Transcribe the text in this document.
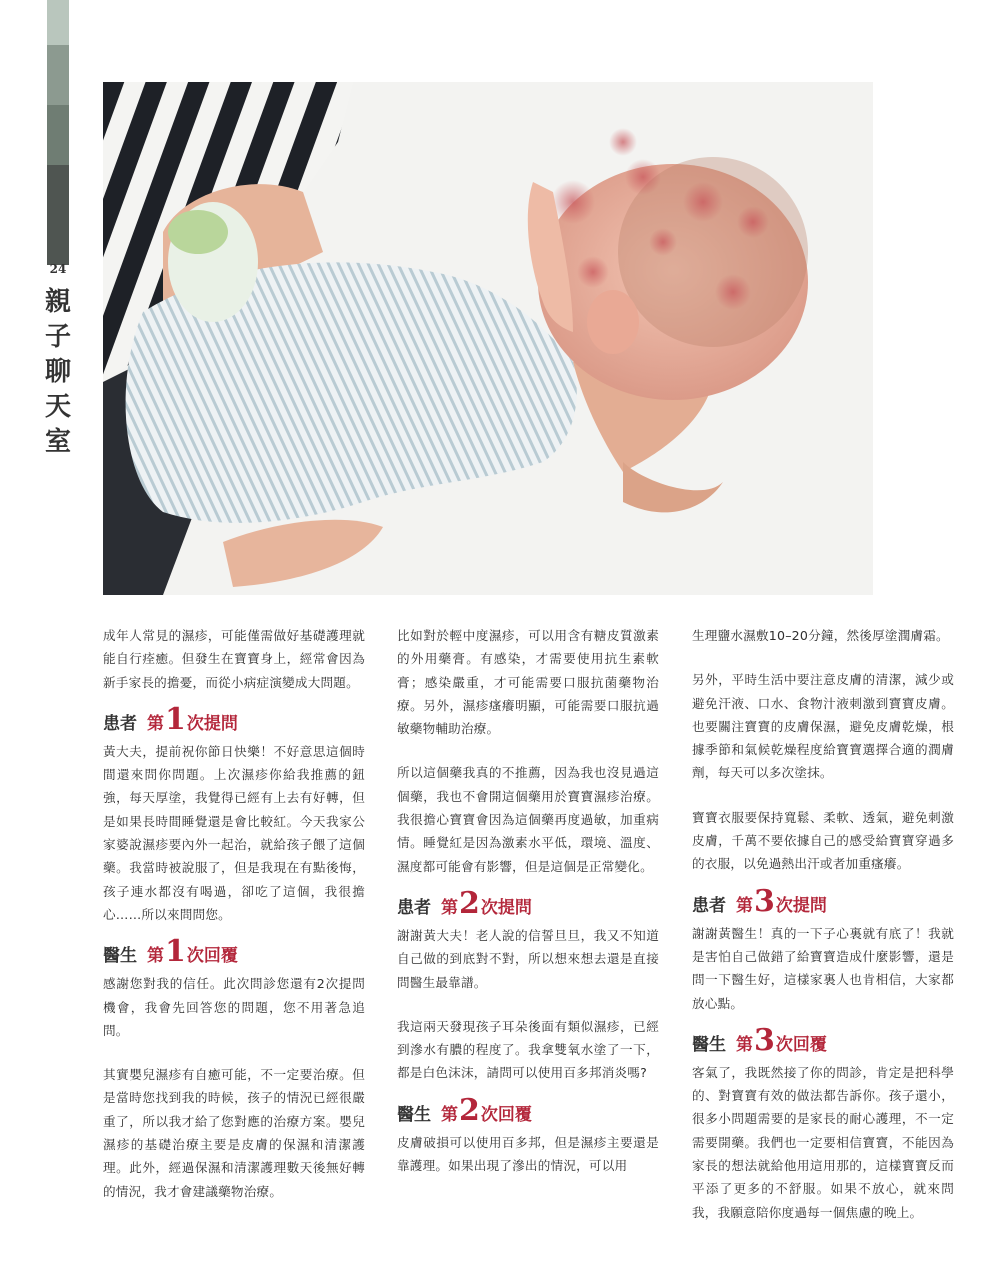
24
親
子
聊
天
室

成年人常見的濕疹，可能僅需做好基礎護理就能自行痊癒。但發生在寶寶身上，經常會因為新手家長的擔憂，而從小病症演變成大問題。

患者 第 1 次提問

黃大夫，提前祝你節日快樂！不好意思這個時間還來問你問題。上次濕疹你給我推薦的鈕強，每天厚塗，我覺得已經有上去有好轉，但是如果長時間睡覺還是會比較紅。今天我家公家婆說濕疹要內外一起治，就給孩子餵了這個藥。我當時被說服了，但是我現在有點後悔，孩子連水都沒有喝過，卻吃了這個，我很擔心……所以來問問您。

醫生 第 1 次回覆

感謝您對我的信任。此次問診您還有2次提問機會，我會先回答您的問題，您不用著急追問。

其實嬰兒濕疹有自癒可能，不一定要治療。但是當時您找到我的時候，孩子的情況已經很嚴重了，所以我才給了您對應的治療方案。嬰兒濕疹的基礎治療主要是皮膚的保濕和清潔護理。此外，經過保濕和清潔護理數天後無好轉的情況，我才會建議藥物治療。

比如對於輕中度濕疹，可以用含有糖皮質激素的外用藥膏。有感染，才需要使用抗生素軟膏；感染嚴重，才可能需要口服抗菌藥物治療。另外，濕疹瘙癢明顯，可能需要口服抗過敏藥物輔助治療。

所以這個藥我真的不推薦，因為我也沒見過這個藥，我也不會開這個藥用於寶寶濕疹治療。我很擔心寶寶會因為這個藥再度過敏，加重病情。睡覺紅是因為激素水平低，環境、溫度、濕度都可能會有影響，但是這個是正常變化。

患者 第 2 次提問

謝謝黃大夫！老人說的信誓旦旦，我又不知道自己做的到底對不對，所以想來想去還是直接問醫生最靠譜。

我這兩天發現孩子耳朵後面有類似濕疹，已經到滲水有膿的程度了。我拿雙氧水塗了一下，都是白色沫沫，請問可以使用百多邦消炎嗎?

醫生 第 2 次回覆

皮膚破損可以使用百多邦，但是濕疹主要還是靠護理。如果出現了滲出的情況，可以用

生理鹽水濕敷10–20分鐘，然後厚塗潤膚霜。

另外，平時生活中要注意皮膚的清潔，減少或避免汗液、口水、食物汁液刺激到寶寶皮膚。也要關注寶寶的皮膚保濕，避免皮膚乾燥，根據季節和氣候乾燥程度給寶寶選擇合適的潤膚劑，每天可以多次塗抹。

寶寶衣服要保持寬鬆、柔軟、透氣，避免刺激皮膚，千萬不要依據自己的感受給寶寶穿過多的衣服，以免過熱出汗或者加重瘙癢。

患者 第 3 次提問

謝謝黃醫生！真的一下子心裏就有底了！我就是害怕自己做錯了給寶寶造成什麼影響，還是問一下醫生好，這樣家裏人也肯相信，大家都放心點。

醫生 第 3 次回覆

客氣了，我既然接了你的問診，肯定是把科學的、對寶寶有效的做法都告訴你。孩子還小，很多小問題需要的是家長的耐心護理，不一定需要開藥。我們也一定要相信寶寶，不能因為家長的想法就給他用這用那的，這樣寶寶反而平添了更多的不舒服。如果不放心，就來問我，我願意陪你度過每一個焦慮的晚上。
